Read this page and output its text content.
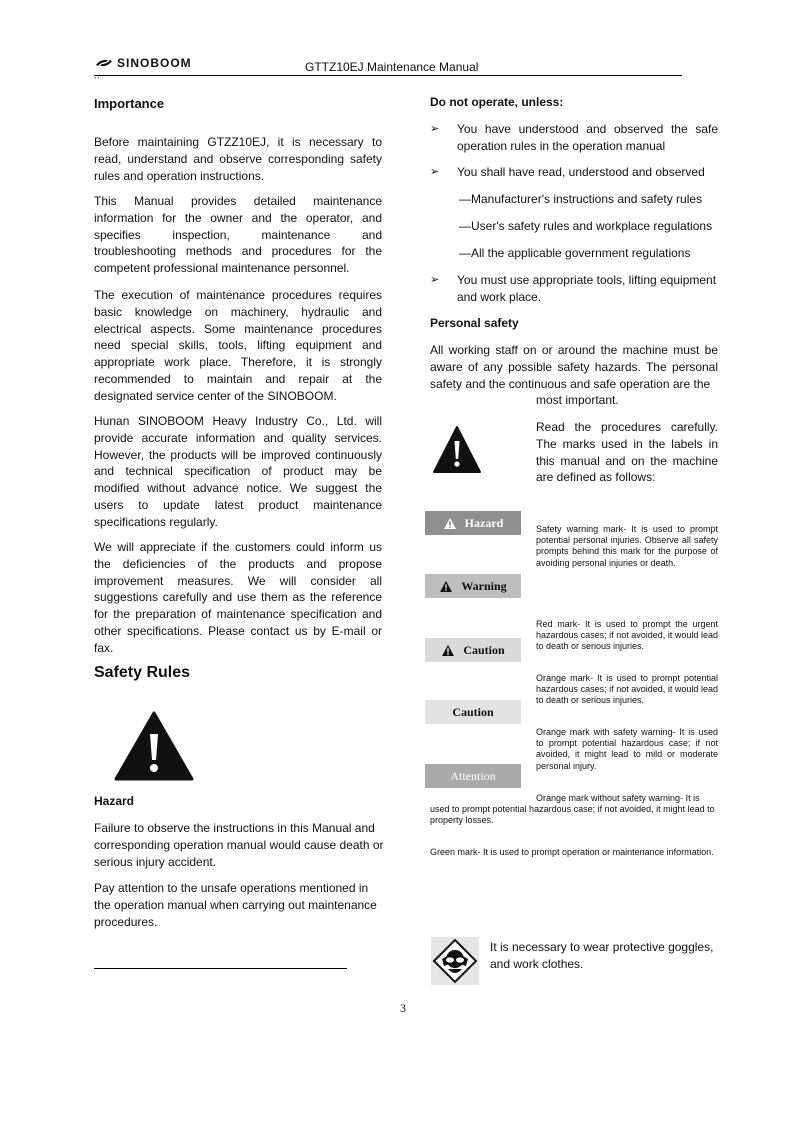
SINOBOOM	GTTZ10EJ Maintenance Manual
``
Importance
Before maintaining GTZZ10EJ, it is necessary to read, understand and observe corresponding safety rules and operation instructions.
This Manual provides detailed maintenance information for the owner and the operator, and specifies inspection, maintenance and troubleshooting methods and procedures for the competent professional maintenance personnel.
The execution of maintenance procedures requires basic knowledge on machinery, hydraulic and electrical aspects. Some maintenance procedures need special skills, tools, lifting equipment and appropriate work place. Therefore, it is strongly recommended to maintain and repair at the designated service center of the SINOBOOM.
Hunan SINOBOOM Heavy Industry Co., Ltd. will provide accurate information and quality services. However, the products will be improved continuously and technical specification of product may be modified without advance notice. We suggest the users to update latest product maintenance specifications regularly.
We will appreciate if the customers could inform us the deficiencies of the products and propose improvement measures. We will consider all suggestions carefully and use them as the reference for the preparation of maintenance specification and other specifications. Please contact us by E-mail or fax.
Safety Rules
Hazard
Failure to observe the instructions in this Manual and corresponding operation manual would cause death or serious injury accident.
Pay attention to the unsafe operations mentioned in the operation manual when carrying out maintenance procedures.
Do not operate, unless:
➢ You have understood and observed the safe operation rules in the operation manual
➢ You shall have read, understood and observed
—Manufacturer's instructions and safety rules
—User's safety rules and workplace regulations
—All the applicable government regulations
➢ You must use appropriate tools, lifting equipment and work place.
Personal safety
All working staff on or around the machine must be aware of any possible safety hazards. The personal safety and the continuous and safe operation are the
most important.
Read the procedures carefully. The marks used in the labels in this manual and on the machine are defined as follows:
Hazard
Warning
Caution
Caution
Attention
Safety warning mark- It is used to prompt potential personal injuries. Observe all safety prompts behind this mark for the purpose of avoiding personal injuries or death.
Red mark- It is used to prompt the urgent hazardous cases; if not avoided, it would lead to death or serious injuries.
Orange mark- It is used to prompt potential hazardous cases; if not avoided, it would lead to death or serious injuries.
Orange mark with safety warning- It is used to prompt potential hazardous case; if not avoided, it might lead to mild or moderate personal injury.
Orange mark without safety warning- It is
used to prompt potential hazardous case; if not avoided, it might lead to property losses.
Green mark- It is used to prompt operation or maintenance information.
It is necessary to wear protective goggles, and work clothes.
3
